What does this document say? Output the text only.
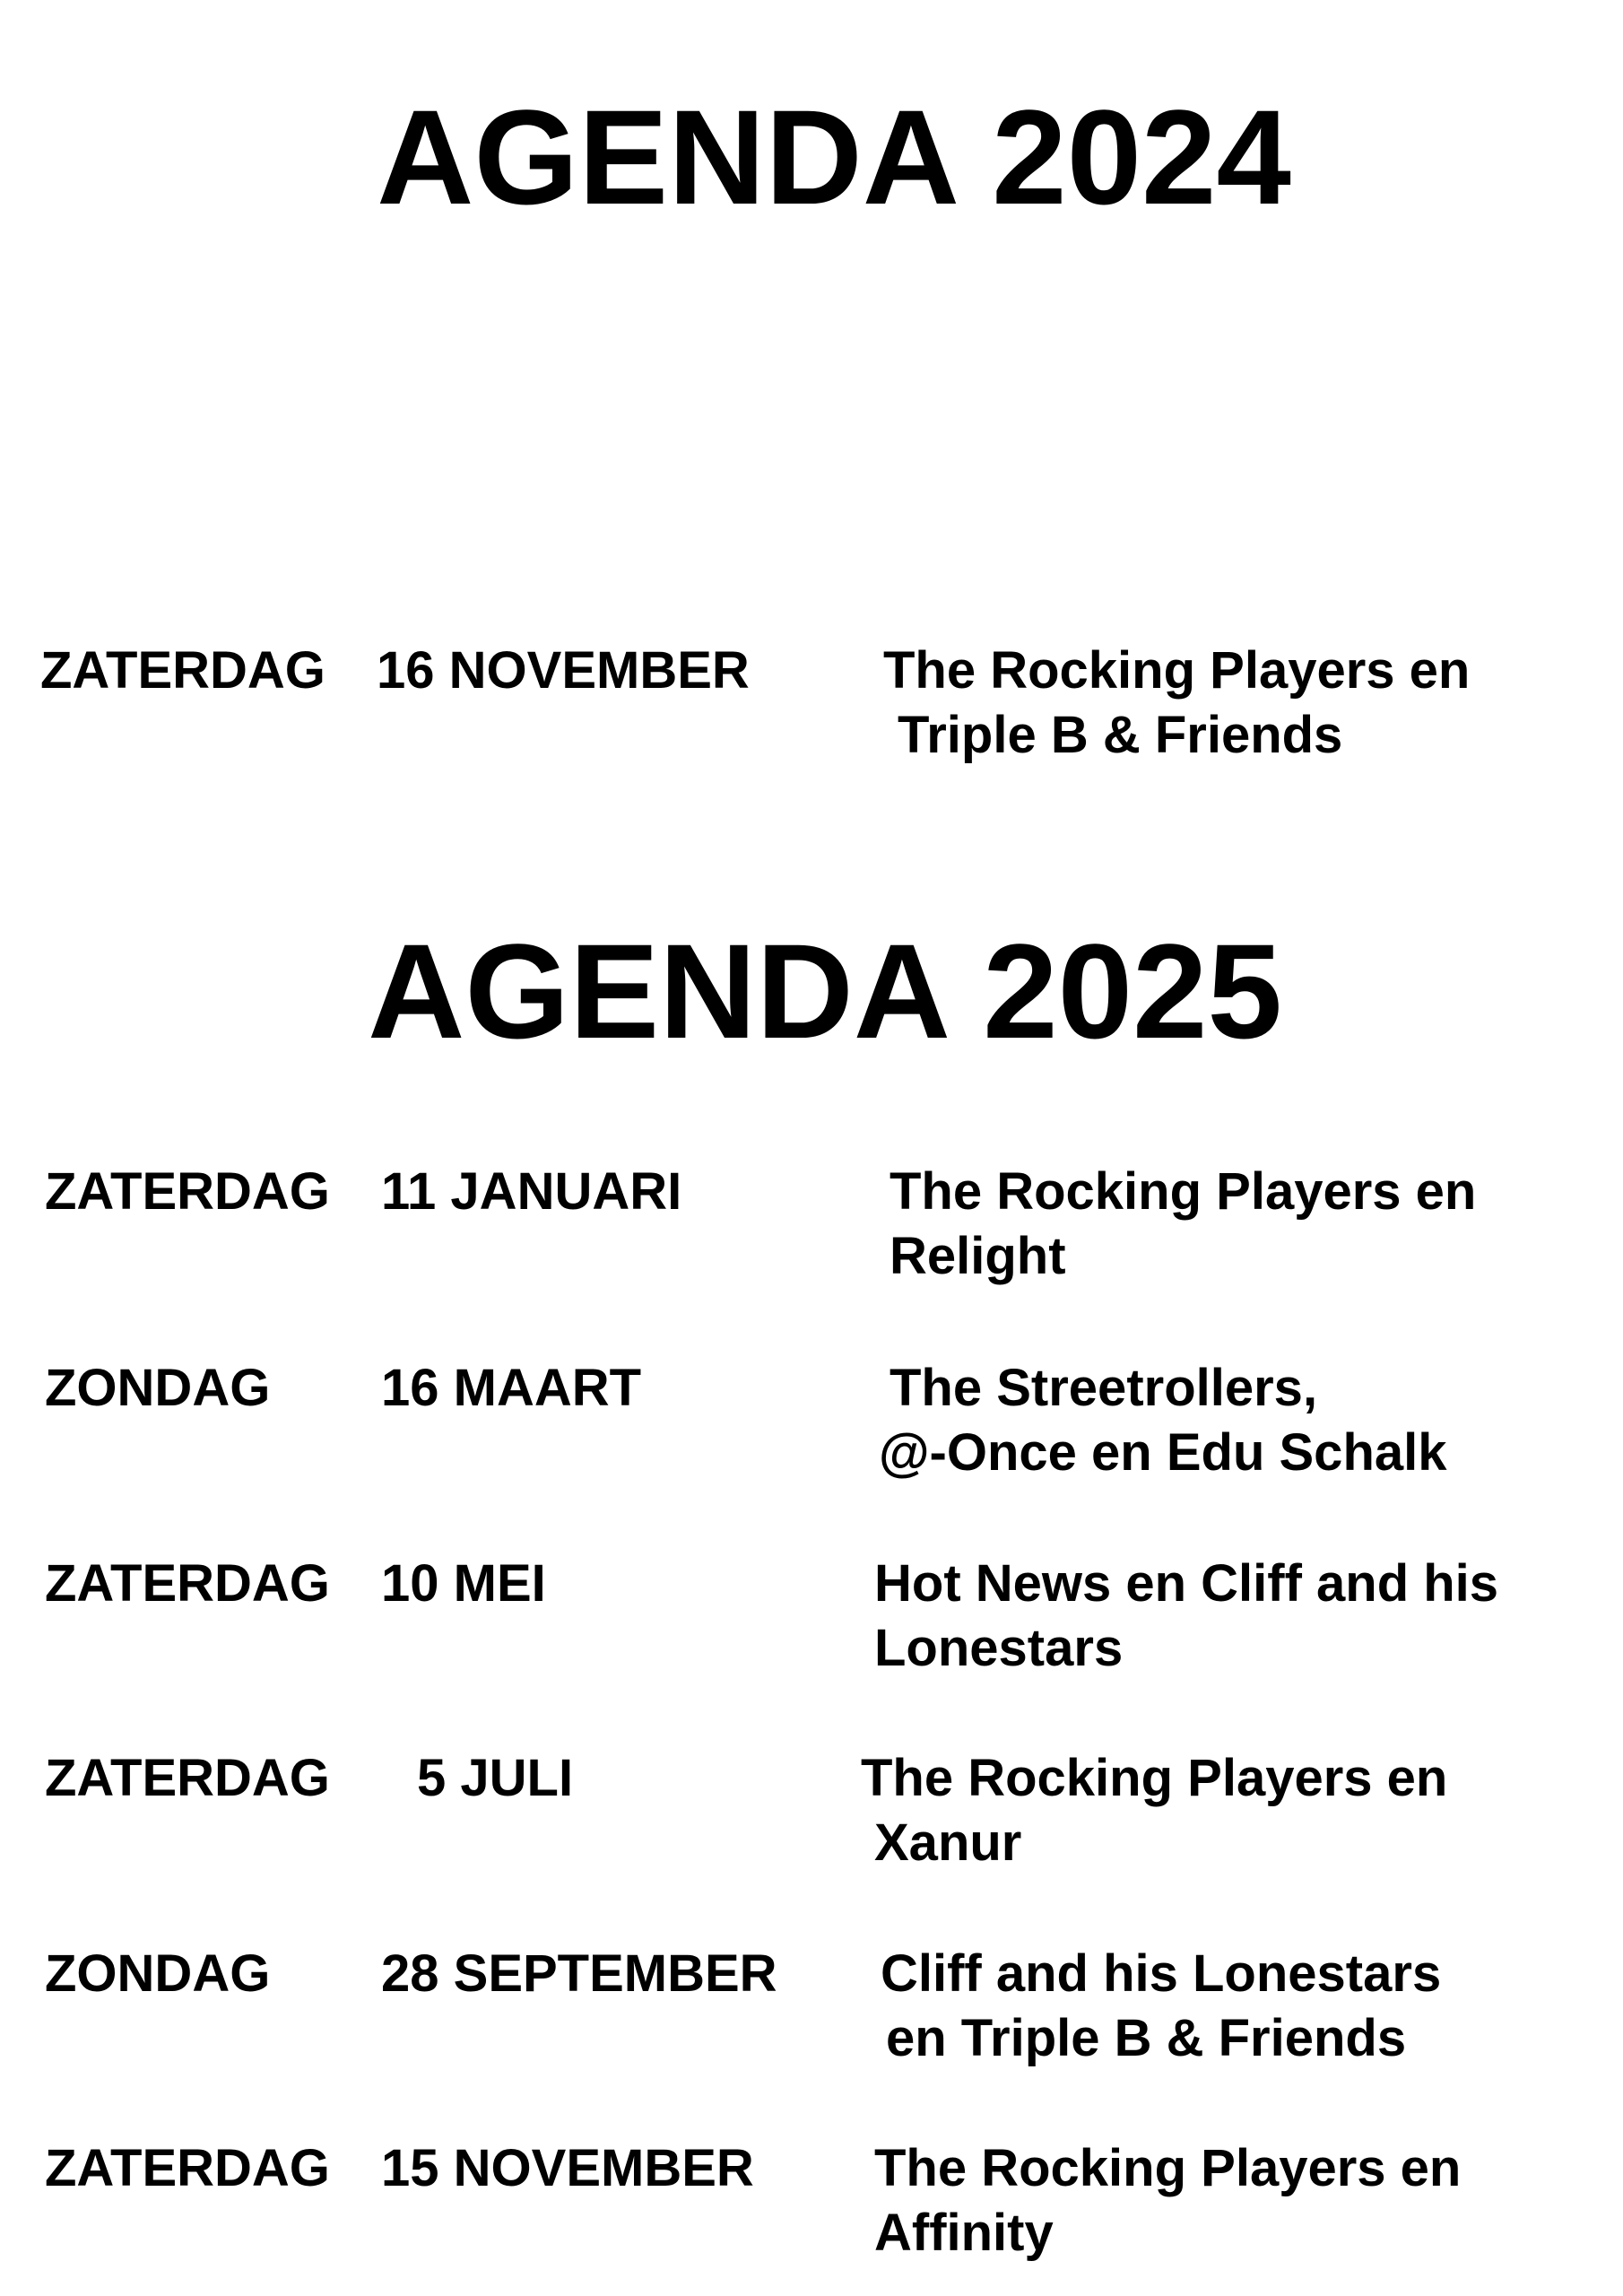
AGENDA 2024
ZATERDAG 16 NOVEMBER	The Rocking Players en
Triple B & Friends
AGENDA 2025
ZATERDAG 11 JANUARI	The Rocking Players en
Relight
ZONDAG 16 MAART	The Streetrollers,
@-Once en Edu Schalk
ZATERDAG 10 MEI	Hot News en Cliff and his
Lonestars
ZATERDAG 5 JULI	The Rocking Players en
Xanur
ZONDAG 28 SEPTEMBER Cliff and his Lonestars
en Triple B & Friends
ZATERDAG 15 NOVEMBER The Rocking Players en
Affinity
